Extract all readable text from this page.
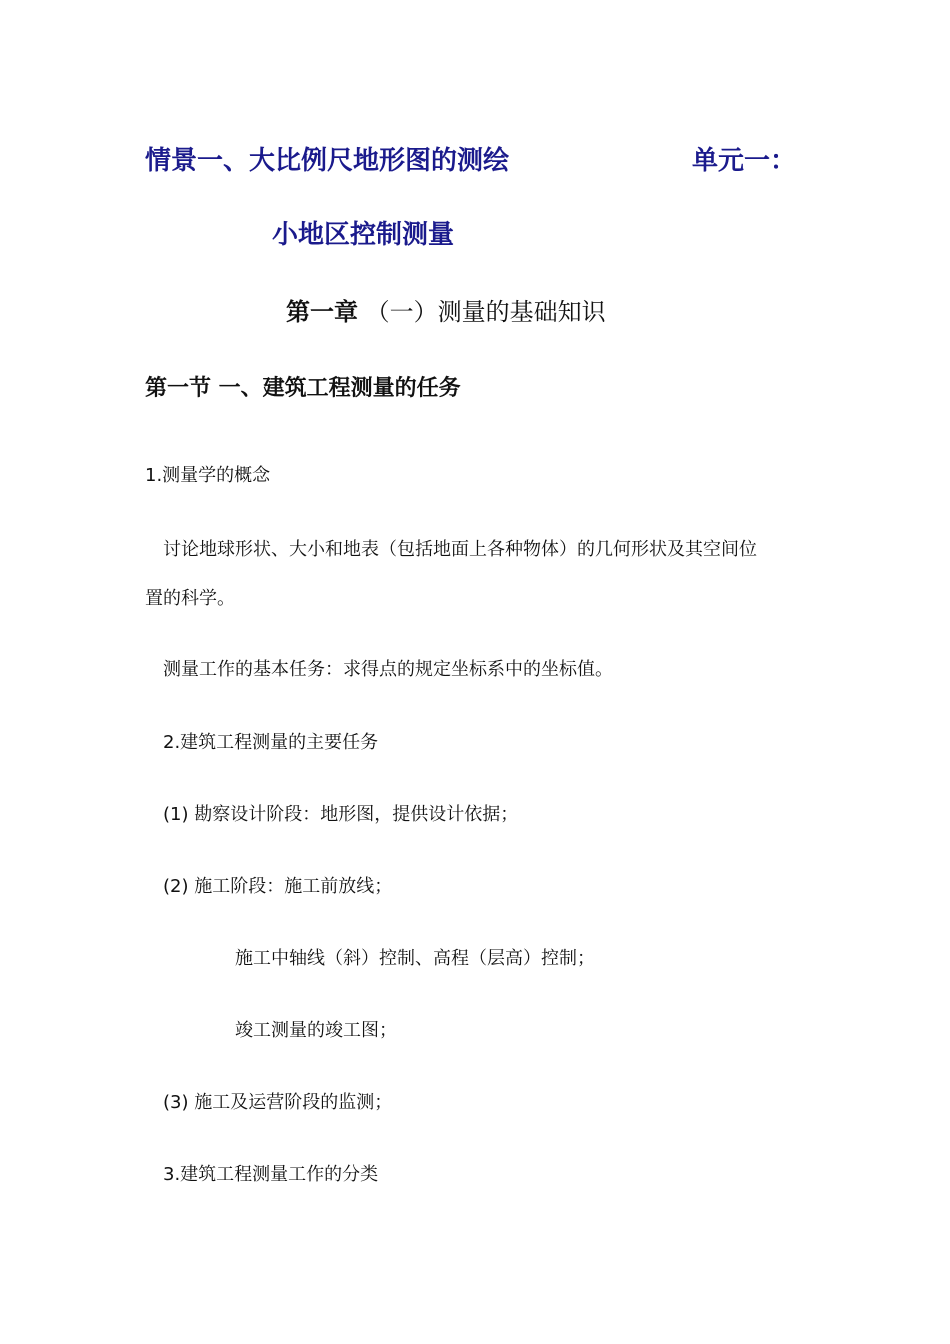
情景一、大比例尺地形图的测绘	单元一：
小地区控制测量
第一章 （一）测量的基础知识
第一节 一、建筑工程测量的任务
1.测量学的概念
讨论地球形状、大小和地表（包括地面上各种物体）的几何形状及其空间位
置的科学。
测量工作的基本任务：求得点的规定坐标系中的坐标值。
2.建筑工程测量的主要任务
(1) 勘察设计阶段：地形图，提供设计依据；
(2) 施工阶段：施工前放线；
施工中轴线（斜）控制、高程（层高）控制；
竣工测量的竣工图；
(3) 施工及运营阶段的监测；
3.建筑工程测量工作的分类
